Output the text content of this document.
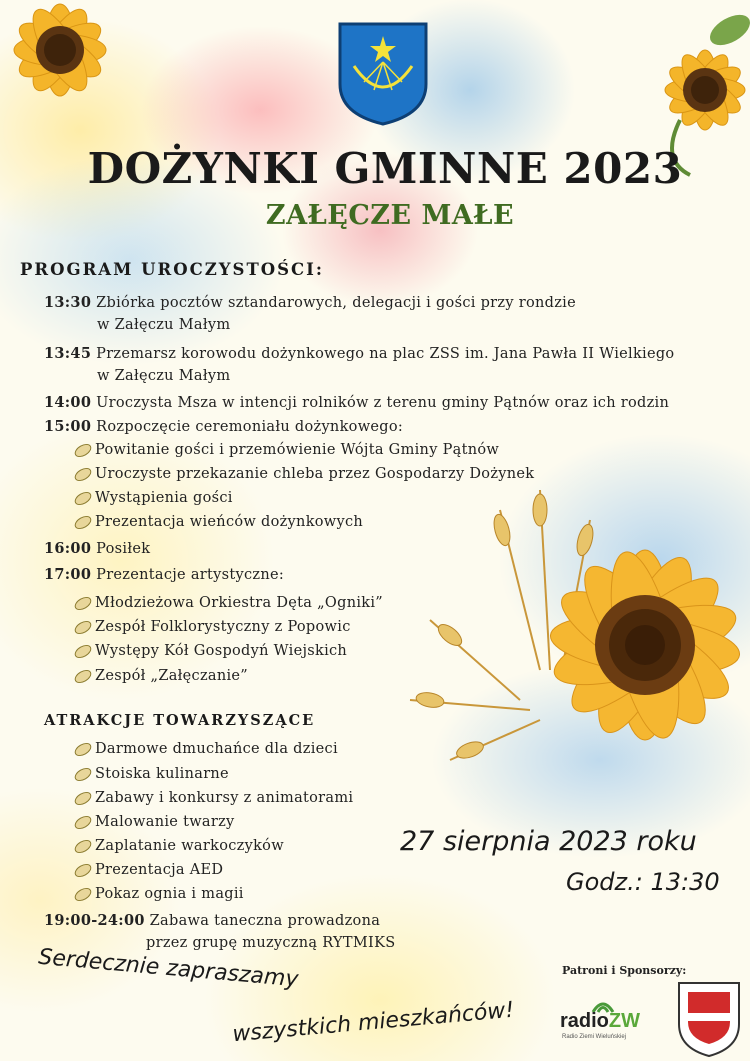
DOŻYNKI GMINNE 2023
ZAŁĘCZE MAŁE
PROGRAM UROCZYSTOŚCI:
13:30 Zbiórka pocztów sztandarowych, delegacji i gości przy rondzie
w Załęczu Małym
13:45 Przemarsz korowodu dożynkowego na plac ZSS im. Jana Pawła II Wielkiego
w Załęczu Małym
14:00 Uroczysta Msza w intencji rolników z terenu gminy Pątnów oraz ich rodzin
15:00 Rozpoczęcie ceremoniału dożynkowego:
Powitanie gości i przemówienie Wójta Gminy Pątnów
Uroczyste przekazanie chleba przez Gospodarzy Dożynek
Wystąpienia gości
Prezentacja wieńców dożynkowych
16:00 Posiłek
17:00 Prezentacje artystyczne:
Młodzieżowa Orkiestra Dęta „Ogniki”
Zespół Folklorystyczny z Popowic
Występy Kół Gospodyń Wiejskich
Zespół „Załęczanie”
ATRAKCJE TOWARZYSZĄCE
Darmowe dmuchańce dla dzieci
Stoiska kulinarne
Zabawy i konkursy z animatorami
Malowanie twarzy
Zaplatanie warkoczyków
Prezentacja AED
Pokaz ognia i magii
19:00-24:00 Zabawa taneczna prowadzona
przez grupę muzyczną RYTMIKS
27 sierpnia 2023 roku
Godz.: 13:30
Serdecznie zapraszamy
wszystkich mieszkańców!
Patroni i Sponsorzy:
radioZW
Radio Ziemi Wieluńskiej
